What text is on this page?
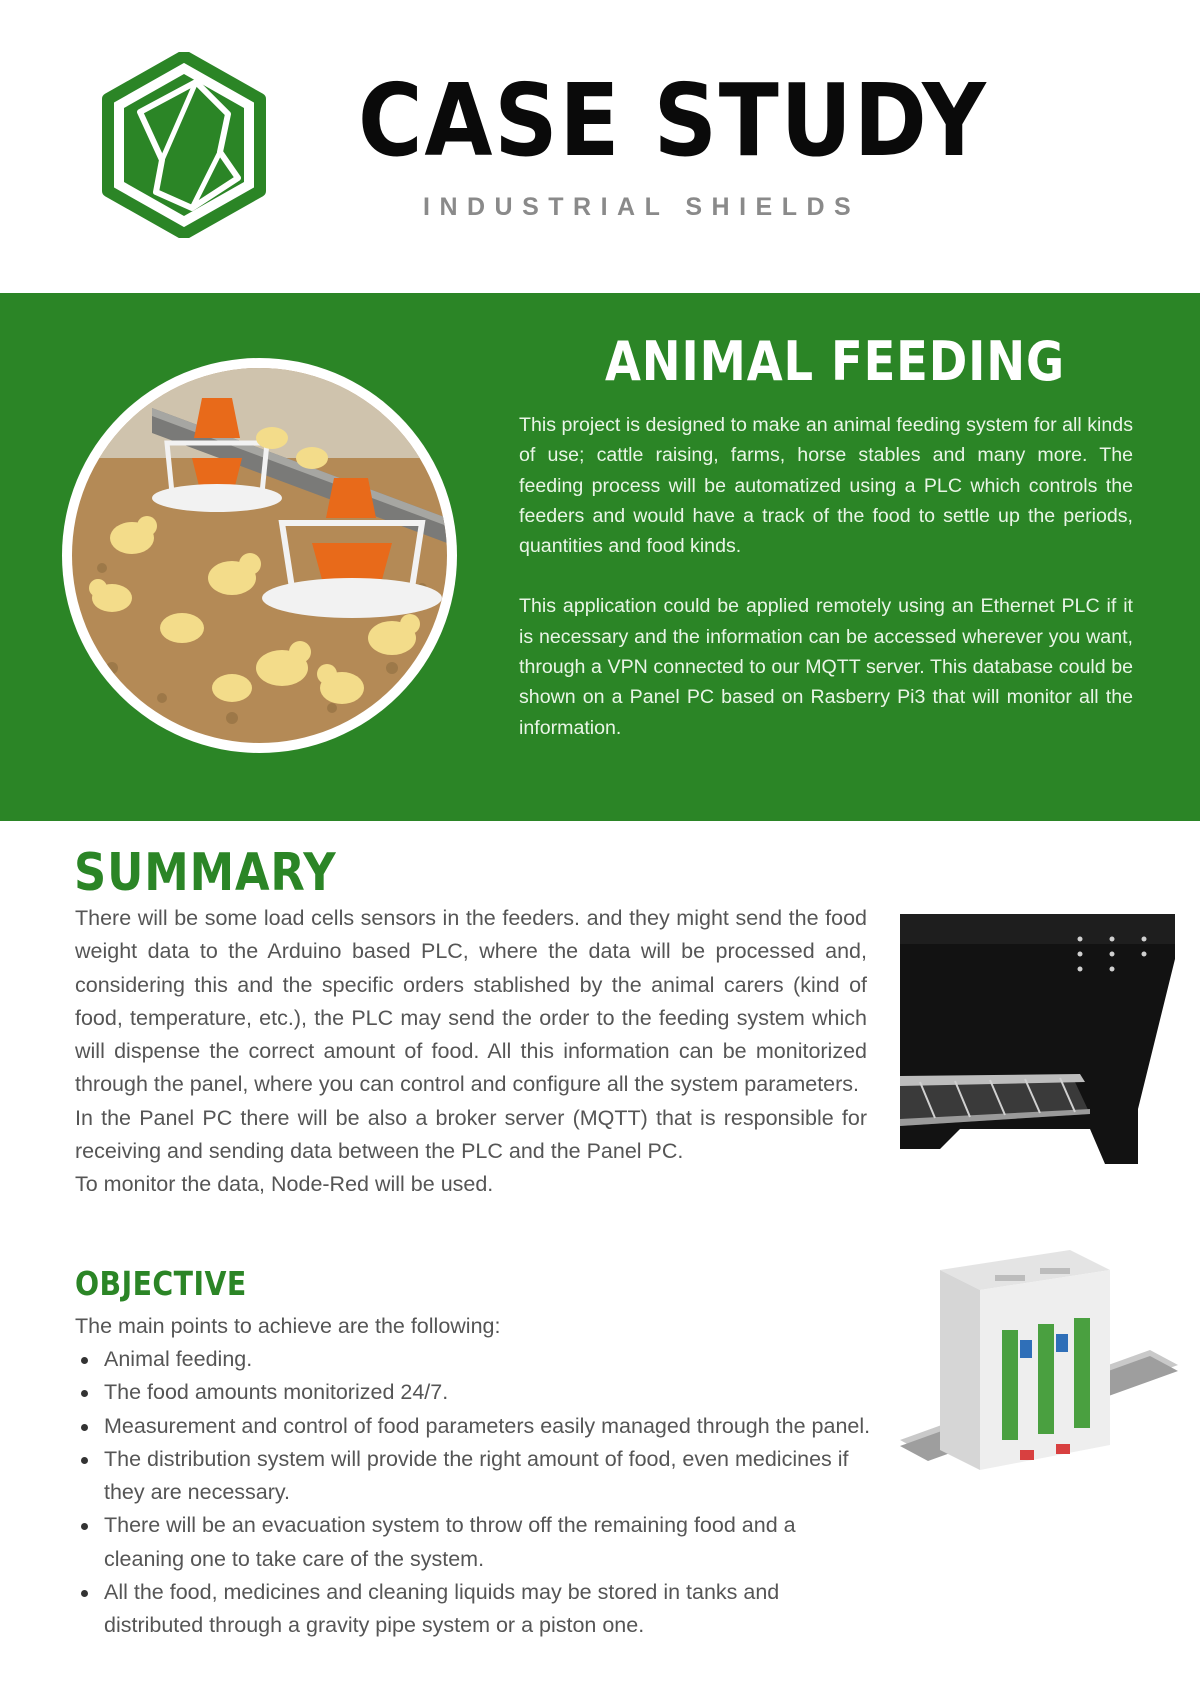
CASE STUDY
INDUSTRIAL SHIELDS
ANIMAL FEEDING

This project is designed to make an animal feeding system for all kinds of use; cattle raising, farms, horse stables and many more. The feeding process will be automatized using a PLC which controls the feeders and would have a track of the food to settle up the periods, quantities and food kinds.

This application could be applied remotely using an Ethernet PLC if it is necessary and the information can be accessed wherever you want, through a VPN connected to our MQTT server. This database could be shown on a Panel PC based on Rasberry Pi3 that will monitor all the information.

SUMMARY

There will be some load cells sensors in the feeders. and they might send the food weight data to the Arduino based PLC, where the data will be processed and, considering this and the specific orders stablished by the animal carers (kind of food, temperature, etc.), the PLC may send the order to the feeding system which will dispense the correct amount of food. All this information can be monitorized through the panel, where you can control and configure all the system parameters.

In the Panel PC there will be also a broker server (MQTT) that is responsible for receiving and sending data between the PLC and the Panel PC.

To monitor the data, Node-Red will be used.

OBJECTIVE
The main points to achieve are the following:
Animal feeding.
The food amounts monitorized 24/7.
Measurement and control of food parameters easily managed through the panel.
The distribution system will provide the right amount of food, even medicines if they are necessary.
There will be an evacuation system to throw off the remaining food and a cleaning one to take care of the system.
All the food, medicines and cleaning liquids may be stored in tanks and distributed through a gravity pipe system or a piston one.
